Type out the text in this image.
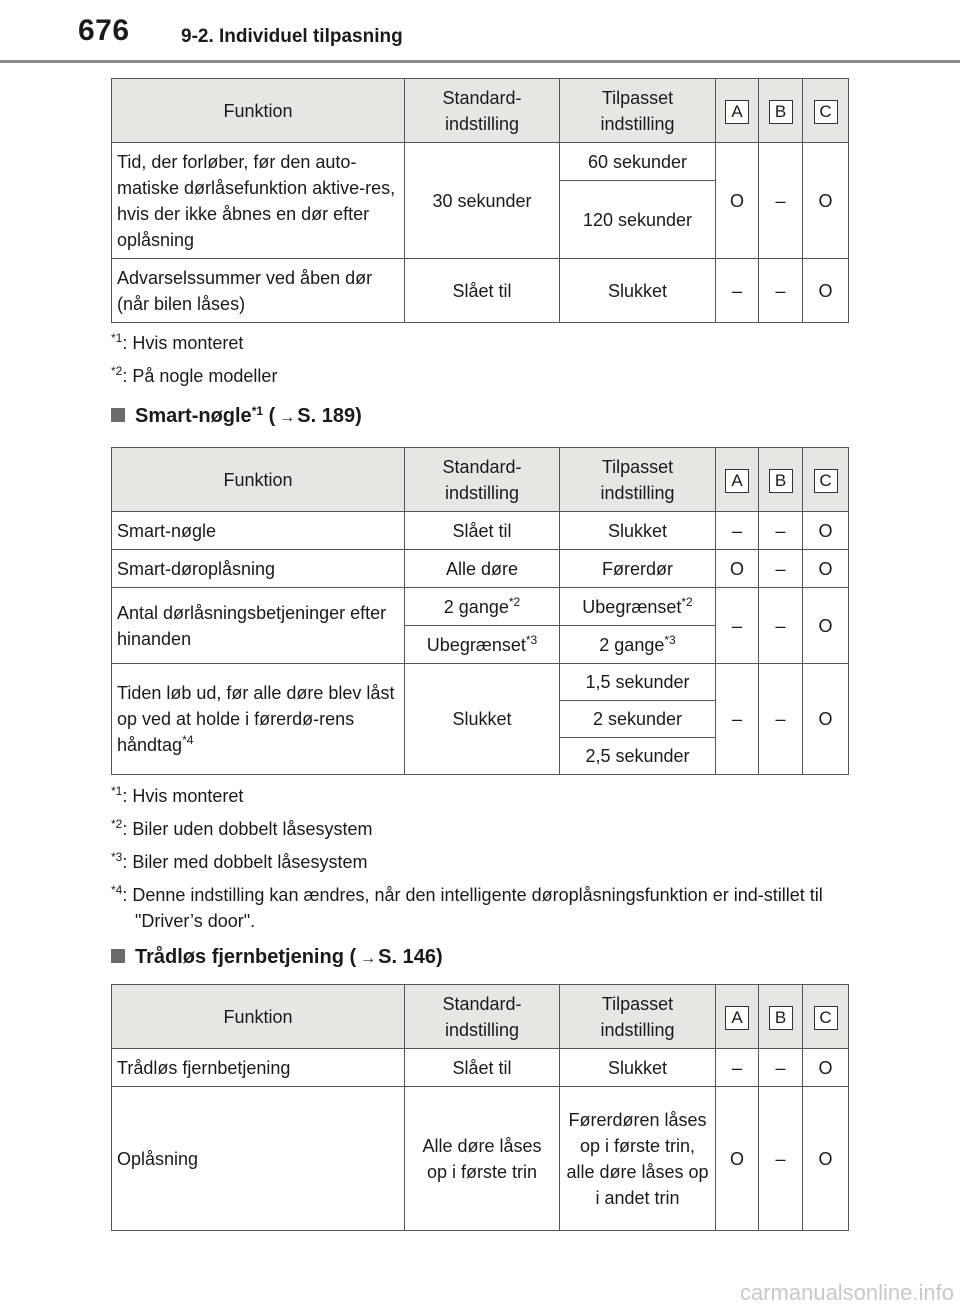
676	9-2. Individuel tilpasning
Funktion	Standard-indstilling	Tilpasset indstilling	A	B	C
Tid, der forløber, før den auto-matiske dørlåsefunktion aktive-res, hvis der ikke åbnes en dør efter oplåsning	30 sekunder	60 sekunder	O	–	O
		120 sekunder			
Advarselssummer ved åben dør (når bilen låses)	Slået til	Slukket	–	–	O
$^{*1}$: Hvis monteret
$^{*2}$: På nogle modeller
Smart-nøgle$^{*1}$ ( → S. 189)
Funktion	Standard-indstilling	Tilpasset indstilling	A	B	C
Smart-nøgle	Slået til	Slukket	–	–	O
Smart-døroplåsning	Alle døre	Førerdør	O	–	O
Antal dørlåsningsbetjeninger efter hinanden	2 gange$^{*2}$	Ubegrænset$^{*2}$	–	–	O
	Ubegrænset$^{*3}$	2 gange$^{*3}$
Tiden løb ud, før alle døre blev låst op ved at holde i førerdø-rens håndtag$^{*4}$	Slukket	1,5 sekunder	–	–	O
		2 sekunder			
		2,5 sekunder			
$^{*1}$: Hvis monteret
$^{*2}$: Biler uden dobbelt låsesystem
$^{*3}$: Biler med dobbelt låsesystem
$^{*4}$: Denne indstilling kan ændres, når den intelligente døroplåsningsfunktion er ind-stillet til "Driver’s door".
Trådløs fjernbetjening ( → S. 146)
Funktion	Standard-indstilling	Tilpasset indstilling	A	B	C
Trådløs fjernbetjening	Slået til	Slukket	–	–	O
Oplåsning	Alle døre låses op i første trin	Førerdøren låses op i første trin, alle døre låses op i andet trin	O	–	O
carmanualsonline.info
